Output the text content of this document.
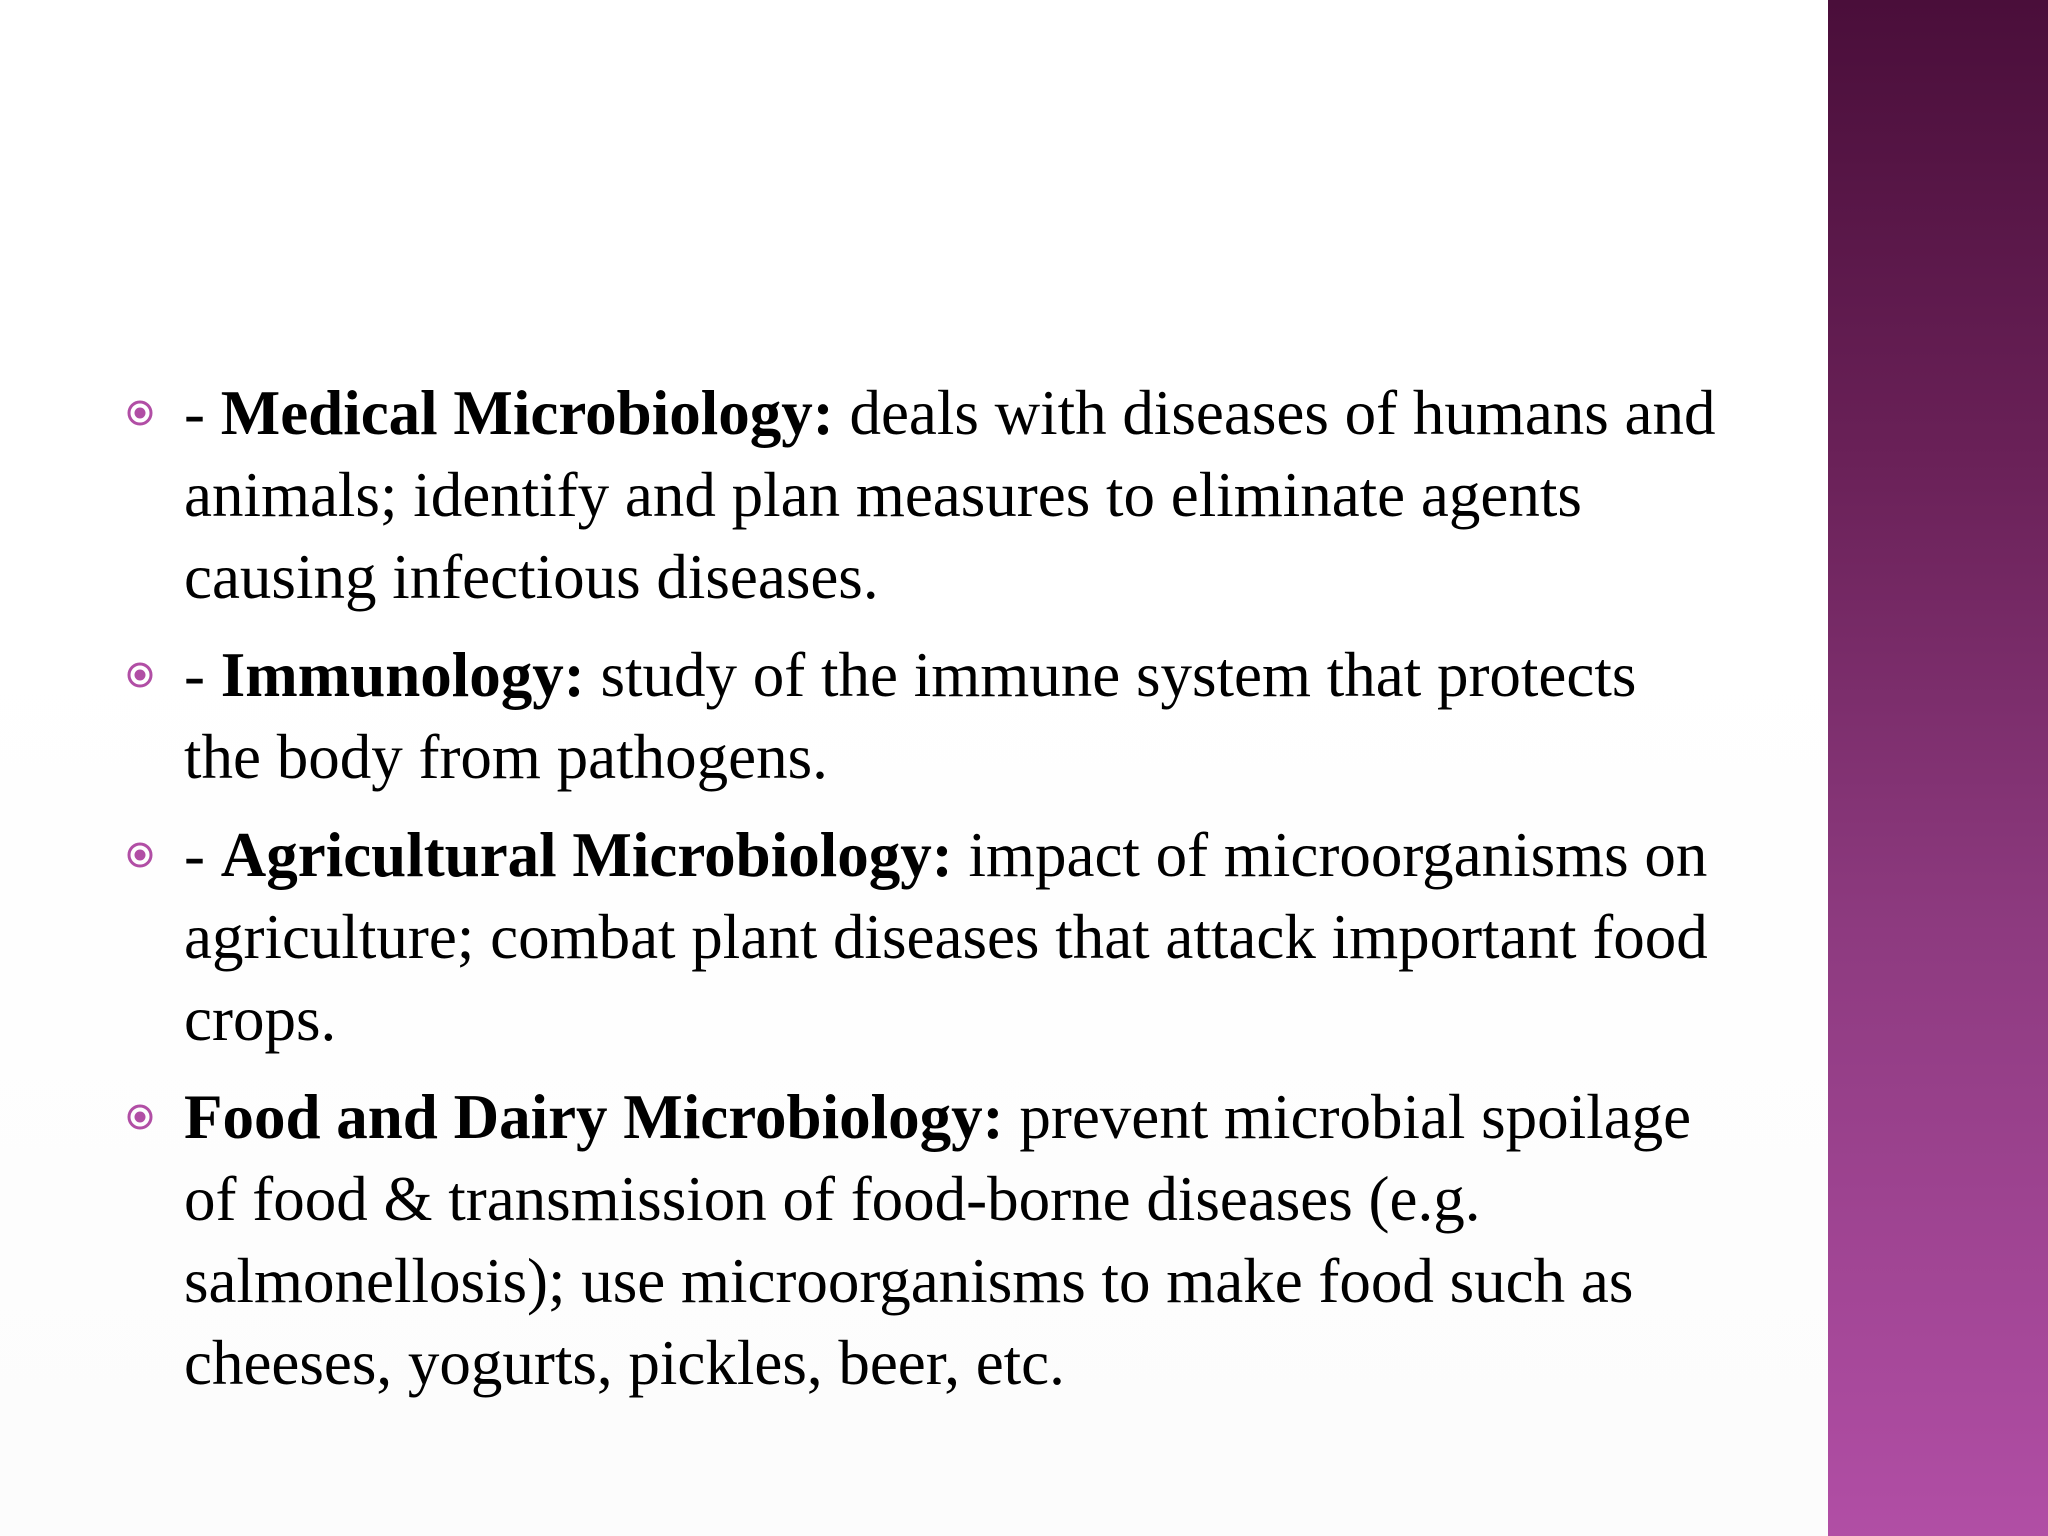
- Medical Microbiology: deals with diseases of humans and animals; identify and plan measures to eliminate agents causing infectious diseases.
- Immunology: study of the immune system that protects the body from pathogens.
- Agricultural Microbiology: impact of microorganisms on agriculture; combat plant diseases that attack important food crops.
Food and Dairy Microbiology: prevent microbial spoilage of food & transmission of food-borne diseases (e.g. salmonellosis); use microorganisms to make food such as cheeses, yogurts, pickles, beer, etc.
